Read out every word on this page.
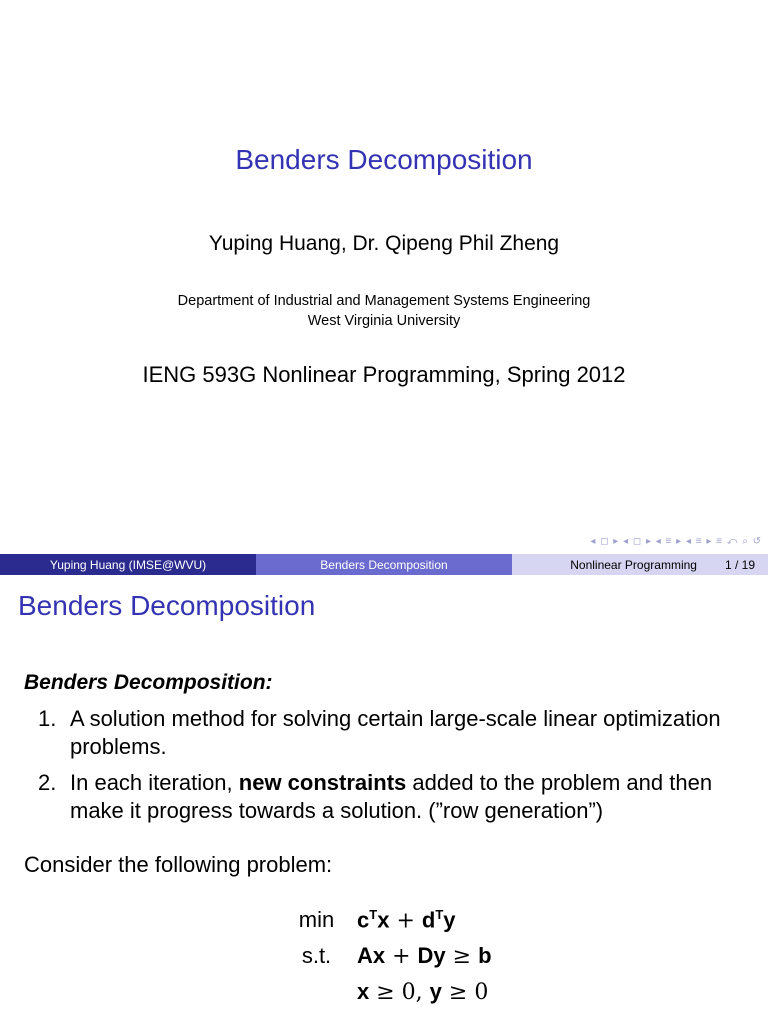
Benders Decomposition
Yuping Huang, Dr. Qipeng Phil Zheng
Department of Industrial and Management Systems Engineering
West Virginia University
IENG 593G Nonlinear Programming, Spring 2012
◂ ◻ ▸ ◂ ◻ ▸ ◂ ≡ ▸ ◂ ≡ ▸ ≡ ⤺ ⌕ ↺
Yuping Huang (IMSE@WVU)	Benders Decomposition	Nonlinear Programming 1 / 19
Benders Decomposition
Benders Decomposition:
1. A solution method for solving certain large-scale linear optimization problems.
2. In each iteration, new constraints added to the problem and then make it progress towards a solution. (”row generation”)
Consider the following problem:
min	$c^Tx + d^Ty$
s.t.	Ax + Dy ≥ b
x ≥ 0, y ≥ 0
